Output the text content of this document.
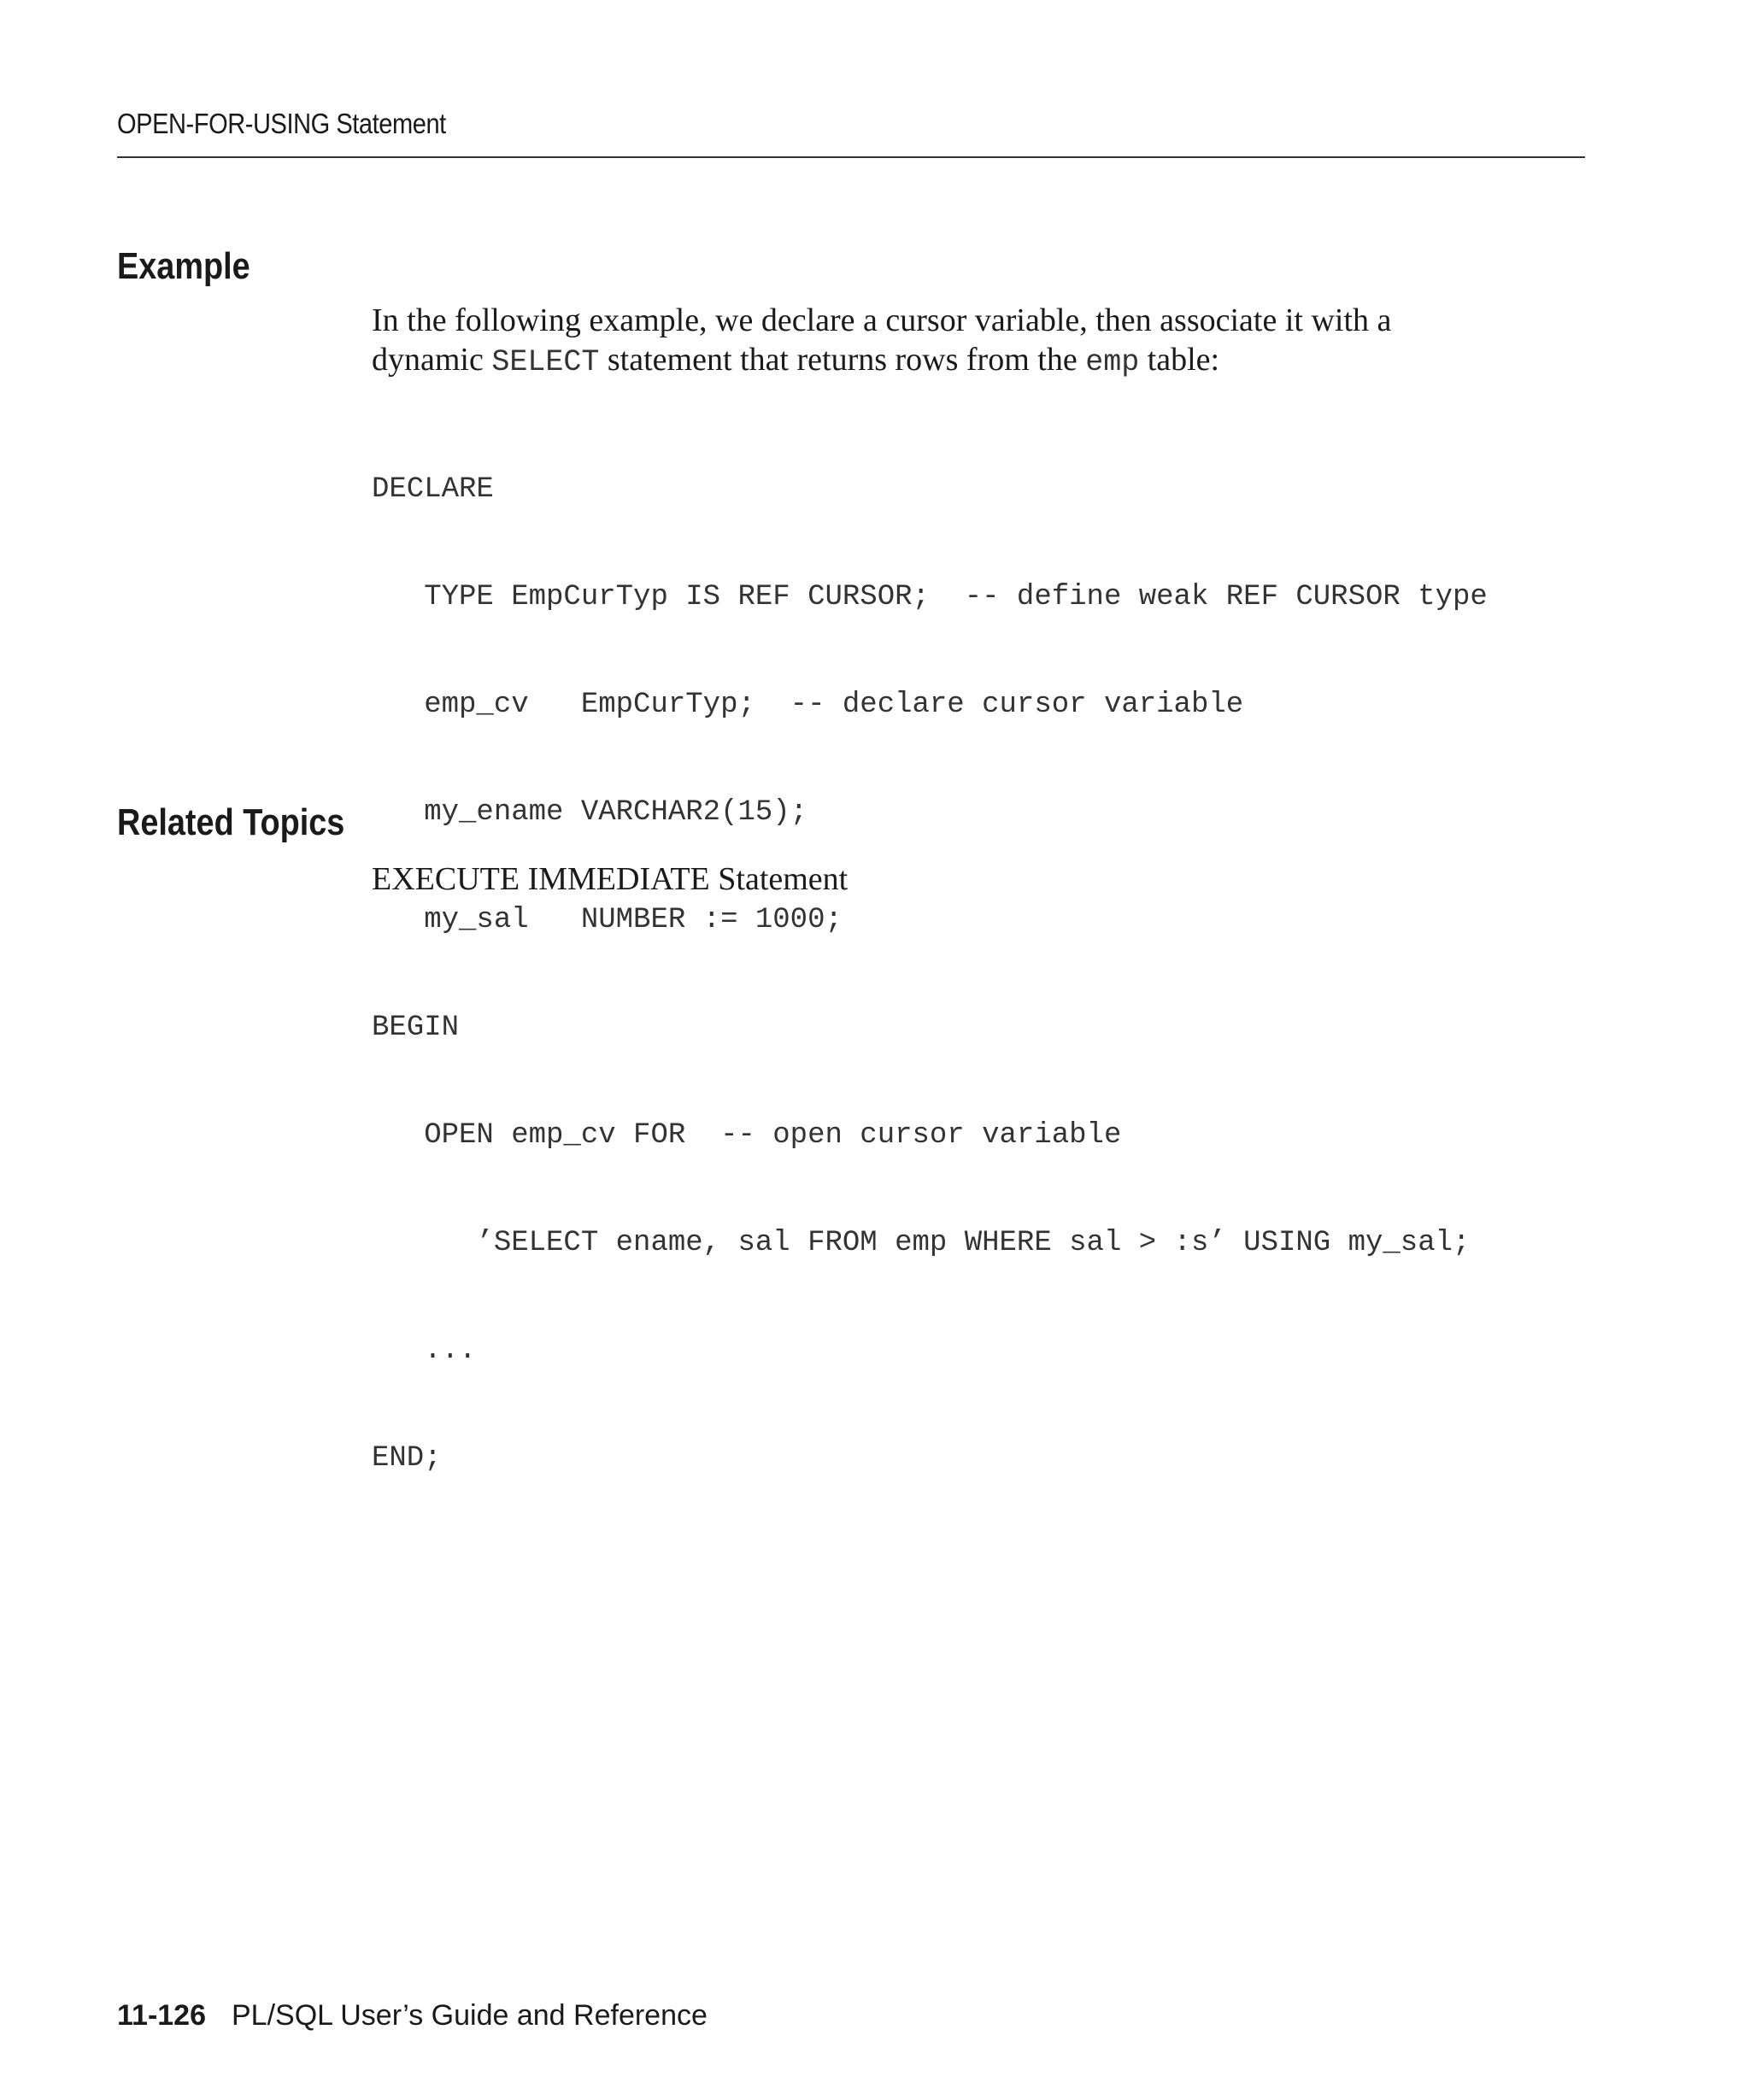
OPEN-FOR-USING Statement
Example

In the following example, we declare a cursor variable, then associate it with a
dynamic SELECT statement that returns rows from the emp table:

DECLARE

TYPE EmpCurTyp IS REF CURSOR;  -- define weak REF CURSOR type

emp_cv   EmpCurTyp;  -- declare cursor variable

my_ename VARCHAR2(15);

my_sal   NUMBER := 1000;

BEGIN

OPEN emp_cv FOR  -- open cursor variable

’SELECT ename, sal FROM emp WHERE sal > :s’ USING my_sal;

...

END;

Related Topics

EXECUTE IMMEDIATE Statement

11-126 PL/SQL User’s Guide and Reference
